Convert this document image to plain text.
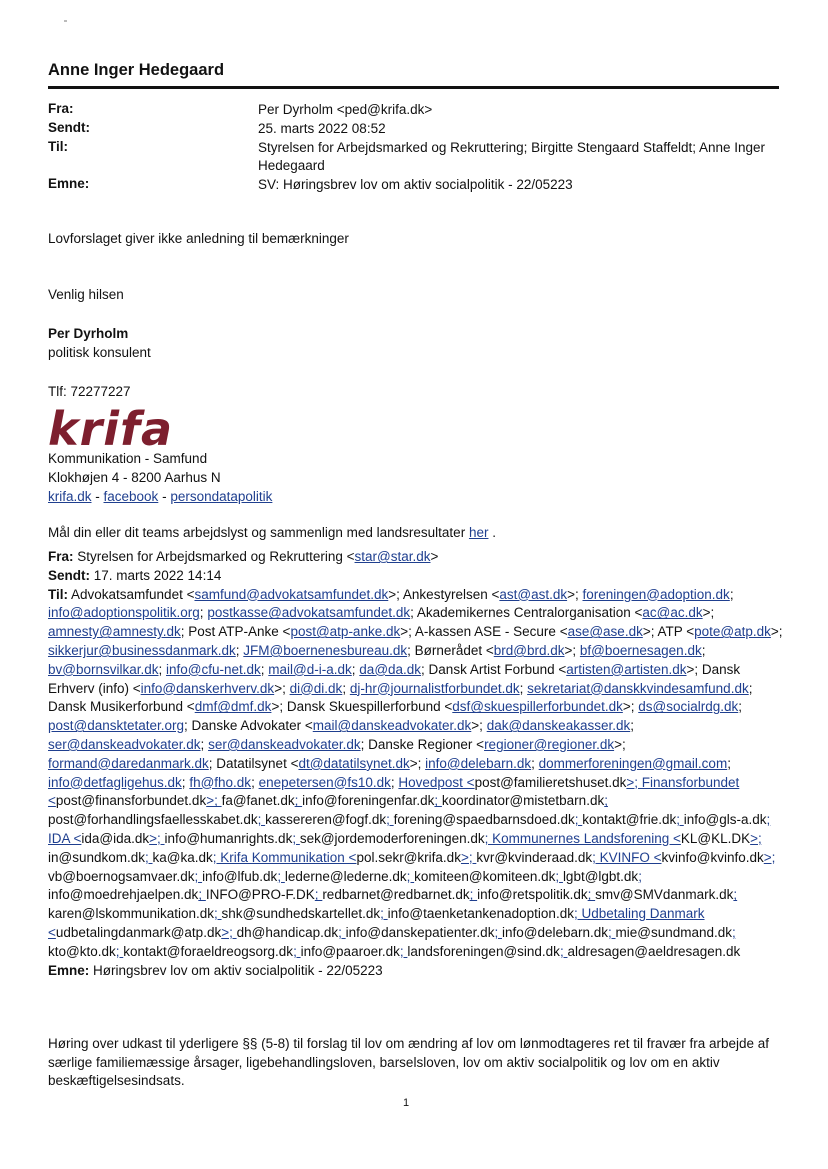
Anne Inger Hedegaard
Fra:	Per Dyrholm <ped@krifa.dk>
Sendt:	25. marts 2022 08:52
Til:	Styrelsen for Arbejdsmarked og Rekruttering; Birgitte Stengaard Staffeldt; Anne Inger Hedegaard
Emne:	SV: Høringsbrev lov om aktiv socialpolitik - 22/05223
Lovforslaget giver ikke anledning til bemærkninger
Venlig hilsen
Per Dyrholm
politisk konsulent
Tlf: 72277227
krifa
Kommunikation - Samfund
Klokhøjen 4 - 8200 Aarhus N
krifa.dk - facebook - persondatapolitik
Mål din eller dit teams arbejdslyst og sammenlign med landsresultater her .
Fra: Styrelsen for Arbejdsmarked og Rekruttering <star@star.dk>
Sendt: 17. marts 2022 14:14
Til: Advokatsamfundet <samfund@advokatsamfundet.dk>; Ankestyrelsen <ast@ast.dk>; foreningen@adoption.dk; info@adoptionspolitik.org; postkasse@advokatsamfundet.dk; Akademikernes Centralorganisation <ac@ac.dk>; amnesty@amnesty.dk; Post ATP-Anke <post@atp-anke.dk>; A-kassen ASE - Secure <ase@ase.dk>; ATP <pote@atp.dk>; sikkerjur@businessdanmark.dk; JFM@boernenesbureau.dk; Børnerådet <brd@brd.dk>; bf@boernesagen.dk; bv@bornsvilkar.dk; info@cfu-net.dk; mail@d-i-a.dk; da@da.dk; Dansk Artist Forbund <artisten@artisten.dk>; Dansk Erhverv (info) <info@danskerhverv.dk>; di@di.dk; dj-hr@journalistforbundet.dk; sekretariat@danskkvindesamfund.dk; Dansk Musikerforbund <dmf@dmf.dk>; Dansk Skuespillerforbund <dsf@skuespillerforbundet.dk>; ds@socialrdg.dk; post@dansktetater.org; Danske Advokater <mail@danskeadvokater.dk>; dak@danskeakasser.dk; ser@danskeadvokater.dk; ser@danskeadvokater.dk; Danske Regioner <regioner@regioner.dk>; formand@daredanmark.dk; Datatilsynet <dt@datatilsynet.dk>; info@delebarn.dk; dommerforeningen@gmail.com; info@detfagligehus.dk; fh@fho.dk; enepetersen@fs10.dk; Hovedpost <post@familieretshuset.dk>; Finansforbundet <post@finansforbundet.dk>; fa@fanet.dk; info@foreningenfar.dk; koordinator@mistetbarn.dk; post@forhandlingsfaellesskabet.dk; kassereren@fogf.dk; forening@spaedbarnsdoed.dk; kontakt@frie.dk; info@gls-a.dk; IDA <ida@ida.dk>; info@humanrights.dk; sek@jordemoderforeningen.dk; Kommunernes Landsforening <KL@KL.DK>; in@sundkom.dk; ka@ka.dk; Krifa Kommunikation <pol.sekr@krifa.dk>; kvr@kvinderaad.dk; KVINFO <kvinfo@kvinfo.dk>; vb@boernogsamvaer.dk; info@lfub.dk; lederne@lederne.dk; komiteen@komiteen.dk; lgbt@lgbt.dk; info@moedrehjaelpen.dk; INFO@PRO-F.DK; redbarnet@redbarnet.dk; info@retspolitik.dk; smv@SMVdanmark.dk; karen@lskommunikation.dk; shk@sundhedskartellet.dk; info@taenketankenadoption.dk; Udbetaling Danmark <udbetalingdanmark@atp.dk>; dh@handicap.dk; info@danskepatienter.dk; info@delebarn.dk; mie@sundmand.dk; kto@kto.dk; kontakt@foraeldreogsorg.dk; info@paaroer.dk; landsforeningen@sind.dk; aldresagen@aeldresagen.dk
Emne: Høringsbrev lov om aktiv socialpolitik - 22/05223
Høring over udkast til yderligere §§ (5-8) til forslag til lov om ændring af lov om lønmodtageres ret til fravær fra arbejde af særlige familiemæssige årsager, ligebehandlingsloven, barselsloven, lov om aktiv socialpolitik og lov om en aktiv beskæftigelsesindsats.
1
